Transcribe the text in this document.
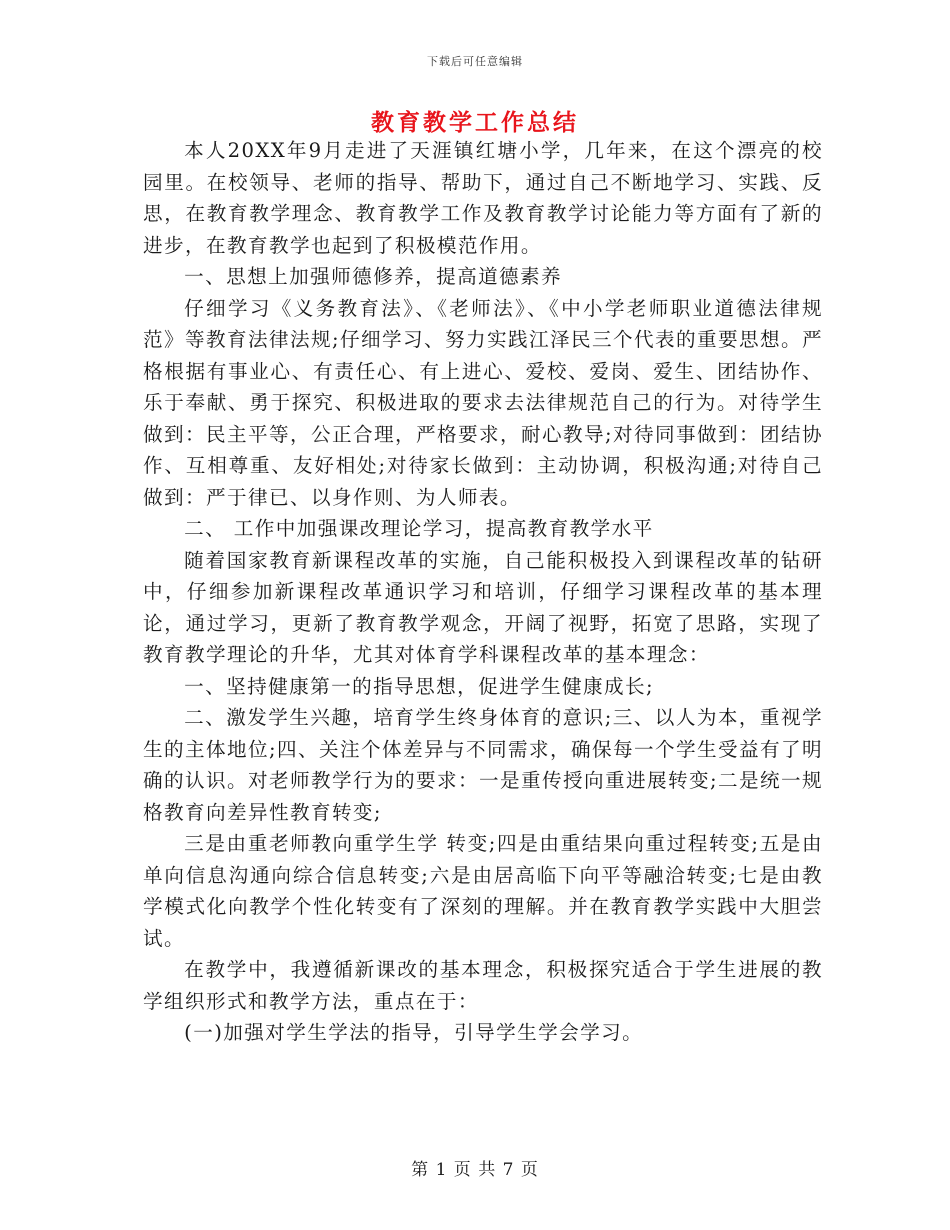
下载后可任意编辑
教育教学工作总结

本人20XX年9月走进了天涯镇红塘小学，几年来，在这个漂亮的校园里。在校领导、老师的指导、帮助下，通过自己不断地学习、实践、反思，在教育教学理念、教育教学工作及教育教学讨论能力等方面有了新的进步，在教育教学也起到了积极模范作用。

一、思想上加强师德修养，提高道德素养

仔细学习《义务教育法》、《老师法》、《中小学老师职业道德法律规范》等教育法律法规;仔细学习、努力实践江泽民三个代表的重要思想。严格根据有事业心、有责任心、有上进心、爱校、爱岗、爱生、团结协作、乐于奉献、勇于探究、积极进取的要求去法律规范自己的行为。对待学生做到：民主平等，公正合理，严格要求，耐心教导;对待同事做到：团结协作、互相尊重、友好相处;对待家长做到：主动协调，积极沟通;对待自己做到：严于律已、以身作则、为人师表。

二、 工作中加强课改理论学习，提高教育教学水平

随着国家教育新课程改革的实施，自己能积极投入到课程改革的钻研中，仔细参加新课程改革通识学习和培训，仔细学习课程改革的基本理论，通过学习，更新了教育教学观念，开阔了视野，拓宽了思路，实现了教育教学理论的升华，尤其对体育学科课程改革的基本理念：

一、坚持健康第一的指导思想，促进学生健康成长;

二、激发学生兴趣，培育学生终身体育的意识;三、以人为本，重视学生的主体地位;四、关注个体差异与不同需求，确保每一个学生受益有了明确的认识。对老师教学行为的要求：一是重传授向重进展转变;二是统一规格教育向差异性教育转变;

三是由重老师教向重学生学 转变;四是由重结果向重过程转变;五是由单向信息沟通向综合信息转变;六是由居高临下向平等融洽转变;七是由教学模式化向教学个性化转变有了深刻的理解。并在教育教学实践中大胆尝试。

在教学中，我遵循新课改的基本理念，积极探究适合于学生进展的教学组织形式和教学方法，重点在于：

(一)加强对学生学法的指导，引导学生学会学习。

第 1 页 共 7 页
